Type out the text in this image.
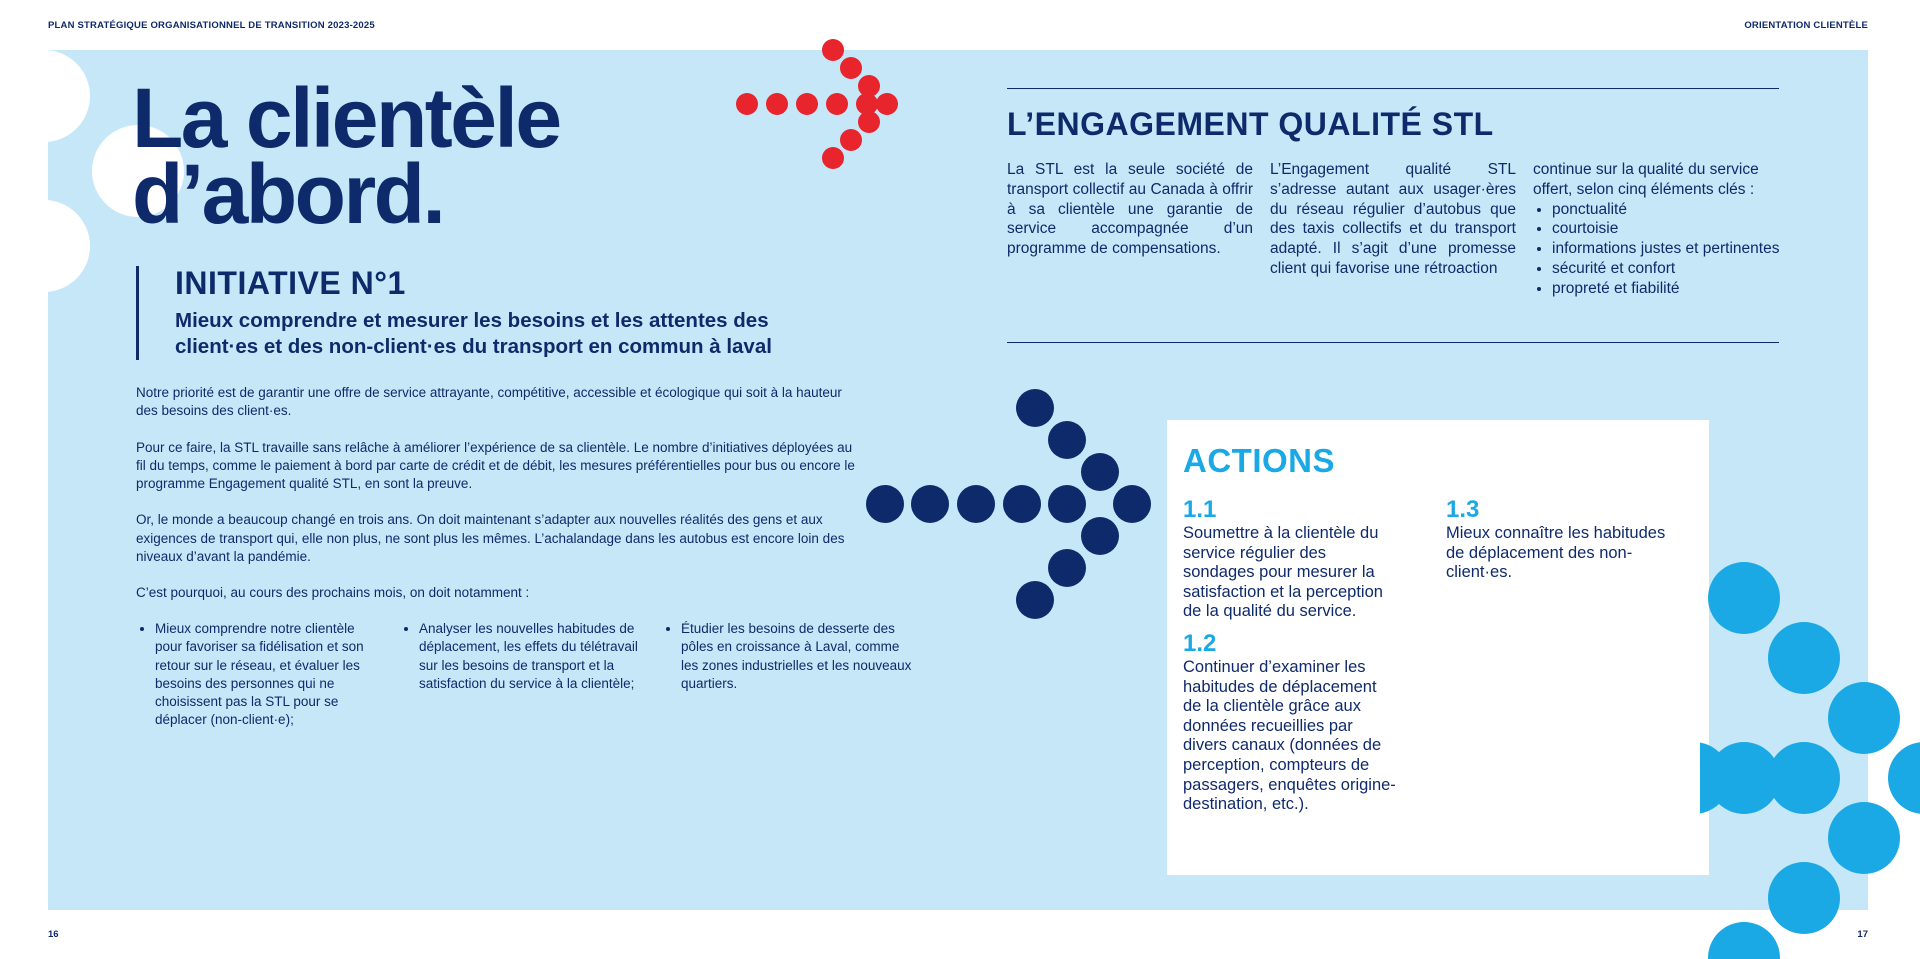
PLAN STRATÉGIQUE ORGANISATIONNEL DE TRANSITION 2023-2025	ORIENTATION CLIENTÈLE
La clientèle
d’abord.
INITIATIVE N°1

Mieux comprendre et mesurer les besoins et les attentes des client·es et des non-client·es du transport en commun à laval

Notre priorité est de garantir une offre de service attrayante, compétitive, accessible et écologique qui soit à la hauteur des besoins des client·es.

Pour ce faire, la STL travaille sans relâche à améliorer l’expérience de sa clientèle. Le nombre d’initiatives déployées au fil du temps, comme le paiement à bord par carte de crédit et de débit, les mesures préférentielles pour bus ou encore le programme Engagement qualité STL, en sont la preuve.

Or, le monde a beaucoup changé en trois ans. On doit maintenant s’adapter aux nouvelles réalités des gens et aux exigences de transport qui, elle non plus, ne sont plus les mêmes. L’achalandage dans les autobus est encore loin des niveaux d’avant la pandémie.

C’est pourquoi, au cours des prochains mois, on doit notamment :

• Mieux comprendre notre clientèle pour favoriser sa fidélisation et son retour sur le réseau, et évaluer les besoins des personnes qui ne choisissent pas la STL pour se déplacer (non-client·e);
• Analyser les nouvelles habitudes de déplacement, les effets du télétravail sur les besoins de transport et la satisfaction du service à la clientèle;
• Étudier les besoins de desserte des pôles en croissance à Laval, comme les zones industrielles et les nouveaux quartiers.
L’ENGAGEMENT QUALITÉ STL

La STL est la seule société de transport collectif au Canada à offrir à sa clientèle une garantie de service accompagnée d’un programme de compensations.

L’Engagement qualité STL s’adresse autant aux usager·ères du réseau régulier d’autobus que des taxis collectifs et du transport adapté. Il s’agit d’une promesse client qui favorise une rétroaction

continue sur la qualité du service offert, selon cinq éléments clés :

• ponctualité
• courtoisie
• informations justes et pertinentes
• sécurité et confort
• propreté et fiabilité
ACTIONS

1.1

Soumettre à la clientèle du service régulier des sondages pour mesurer la satisfaction et la perception de la qualité du service.

1.2

Continuer d’examiner les habitudes de déplacement de la clientèle grâce aux données recueillies par divers canaux (données de perception, compteurs de passagers, enquêtes origine-destination, etc.).

1.3

Mieux connaître les habitudes de déplacement des non-client·es.

16	17
